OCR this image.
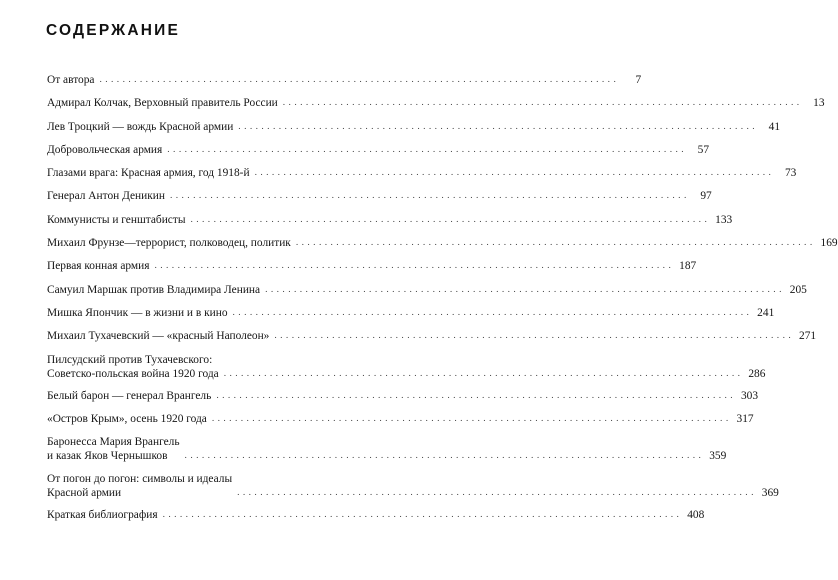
СОДЕРЖАНИЕ
От автора ..........................................................................................	7
Адмирал Колчак, Верховный правитель России .......................................................................................... 13
Лев Троцкий — вождь Красной армии .......................................................................................... 41
Добровольческая армия .......................................................................................... 57
Глазами врага: Красная армия, год 1918-й .......................................................................................... 73
Генерал Антон Деникин .......................................................................................... 97
Коммунисты и генштабисты .......................................................................................... 133
Михаил Фрунзе—террорист, полководец, политик .......................................................................................... 169
Первая конная армия .......................................................................................... 187
Самуил Маршак против Владимира Ленина .......................................................................................... 205
Мишка Япончик — в жизни и в кино .......................................................................................... 241
Михаил Тухачевский — «красный Наполеон» .......................................................................................... 271
Пилсудский против Тухачевского:
Советско-польская война 1920 года .......................................................................................... 286
Белый барон — генерал Врангель .......................................................................................... 303
«Остров Крым», осень 1920 года .......................................................................................... 317
Баронесса Мария Врангель
и казак Яков Чернышков	.......................................................................................... 359
От погон до погон: символы и идеалы
Красной армии	.......................................................................................... 369
Краткая библиография .......................................................................................... 408
